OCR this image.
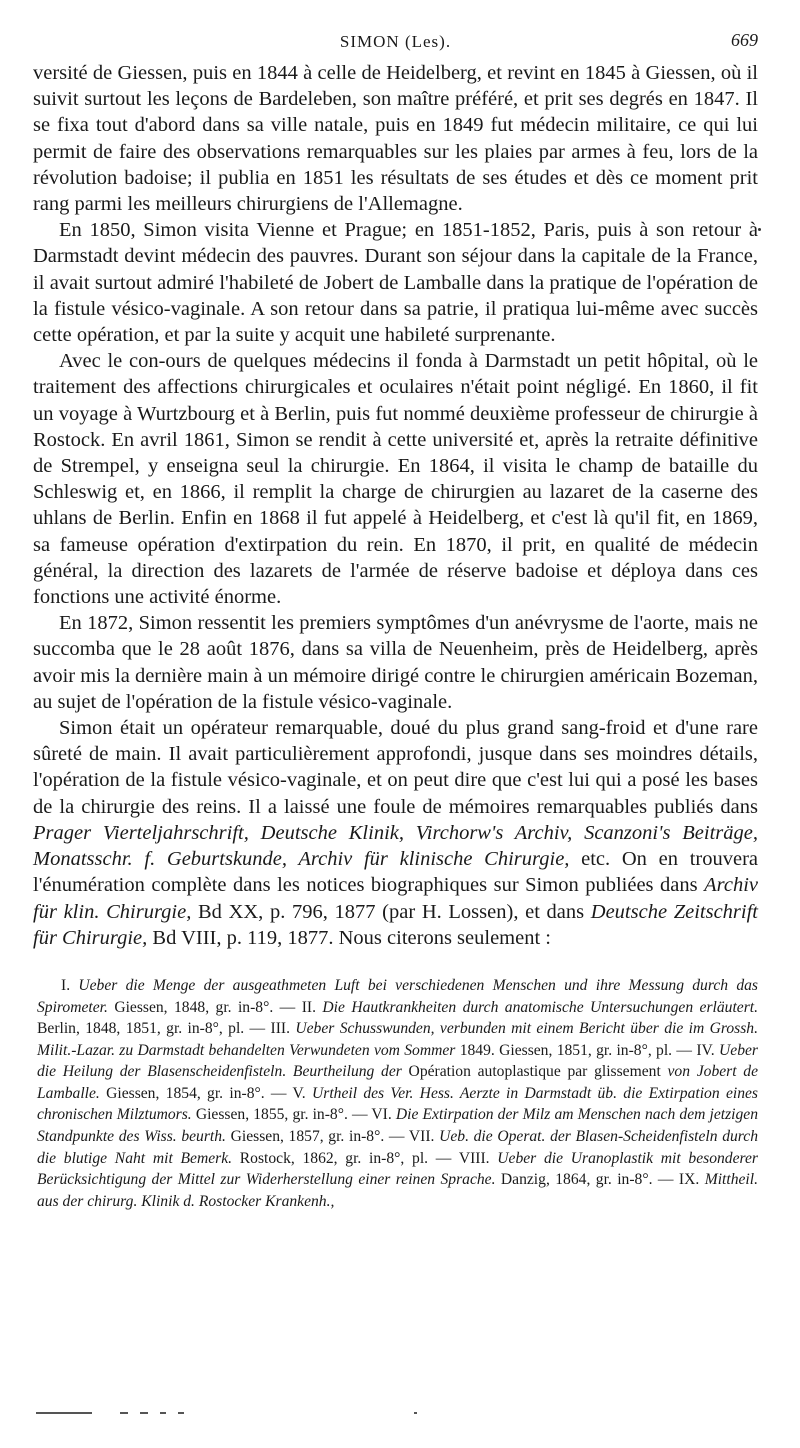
SIMON (Les).	669

versité de Giessen, puis en 1844 à celle de Heidelberg, et revint en 1845 à Giessen, où il suivit surtout les leçons de Bardeleben, son maître préféré, et prit ses degrés en 1847. Il se fixa tout d'abord dans sa ville natale, puis en 1849 fut médecin militaire, ce qui lui permit de faire des observations remarquables sur les plaies par armes à feu, lors de la révolution badoise; il publia en 1851 les résultats de ses études et dès ce moment prit rang parmi les meilleurs chirurgiens de l'Allemagne.

En 1850, Simon visita Vienne et Prague; en 1851-1852, Paris, puis à son retour à Darmstadt devint médecin des pauvres. Durant son séjour dans la capitale de la France, il avait surtout admiré l'habileté de Jobert de Lamballe dans la pratique de l'opération de la fistule vésico-vaginale. A son retour dans sa patrie, il pratiqua lui-même avec succès cette opération, et par la suite y acquit une habileté surprenante.

Avec le con-ours de quelques médecins il fonda à Darmstadt un petit hôpital, où le traitement des affections chirurgicales et oculaires n'était point négligé. En 1860, il fit un voyage à Wurtzbourg et à Berlin, puis fut nommé deuxième professeur de chirurgie à Rostock. En avril 1861, Simon se rendit à cette université et, après la retraite définitive de Strempel, y enseigna seul la chirurgie. En 1864, il visita le champ de bataille du Schleswig et, en 1866, il remplit la charge de chirurgien au lazaret de la caserne des uhlans de Berlin. Enfin en 1868 il fut appelé à Heidelberg, et c'est là qu'il fit, en 1869, sa fameuse opération d'extirpation du rein. En 1870, il prit, en qualité de médecin général, la direction des lazarets de l'armée de réserve badoise et déploya dans ces fonctions une activité énorme.

En 1872, Simon ressentit les premiers symptômes d'un anévrysme de l'aorte, mais ne succomba que le 28 août 1876, dans sa villa de Neuenheim, près de Heidelberg, après avoir mis la dernière main à un mémoire dirigé contre le chirurgien américain Bozeman, au sujet de l'opération de la fistule vésico-vaginale.

Simon était un opérateur remarquable, doué du plus grand sang-froid et d'une rare sûreté de main. Il avait particulièrement approfondi, jusque dans ses moindres détails, l'opération de la fistule vésico-vaginale, et on peut dire que c'est lui qui a posé les bases de la chirurgie des reins. Il a laissé une foule de mémoires remarquables publiés dans Prager Vierteljahrschrift, Deutsche Klinik, Virchorw's Archiv, Scanzoni's Beiträge, Monatsschr. f. Geburtskunde, Archiv für klinische Chirurgie, etc. On en trouvera l'énumération complète dans les notices biographiques sur Simon publiées dans Archiv für klin. Chirurgie, Bd XX, p. 796, 1877 (par H. Lossen), et dans Deutsche Zeitschrift für Chirurgie, Bd VIII, p. 119, 1877. Nous citerons seulement :

I. Ueber die Menge der ausgeathmeten Luft bei verschiedenen Menschen und ihre Messung durch das Spirometer. Giessen, 1848, gr. in-8°. — II. Die Hautkrankheiten durch anatomische Untersuchungen erläutert. Berlin, 1848, 1851, gr. in-8°, pl. — III. Ueber Schusswunden, verbunden mit einem Bericht über die im Grossh. Milit.-Lazar. zu Darmstadt behandelten Verwundeten vom Sommer 1849. Giessen, 1851, gr. in-8°, pl. — IV. Ueber die Heilung der Blasenscheidenfisteln. Beurtheilung der Opération autoplastique par glissement von Jobert de Lamballe. Giessen, 1854, gr. in-8°. — V. Urtheil des Ver. Hess. Aerzte in Darmstadt üb. die Extirpation eines chronischen Milztumors. Giessen, 1855, gr. in-8°. — VI. Die Extirpation der Milz am Menschen nach dem jetzigen Standpunkte des Wiss. beurth. Giessen, 1857, gr. in-8°. — VII. Ueb. die Operat. der Blasen-Scheidenfisteln durch die blutige Naht mit Bemerk. Rostock, 1862, gr. in-8°, pl. — VIII. Ueber die Uranoplastik mit besonderer Berücksichtigung der Mittel zur Widerherstellung einer reinen Sprache. Danzig, 1864, gr. in-8°. — IX. Mittheil. aus der chirurg. Klinik d. Rostocker Krankenh.,
